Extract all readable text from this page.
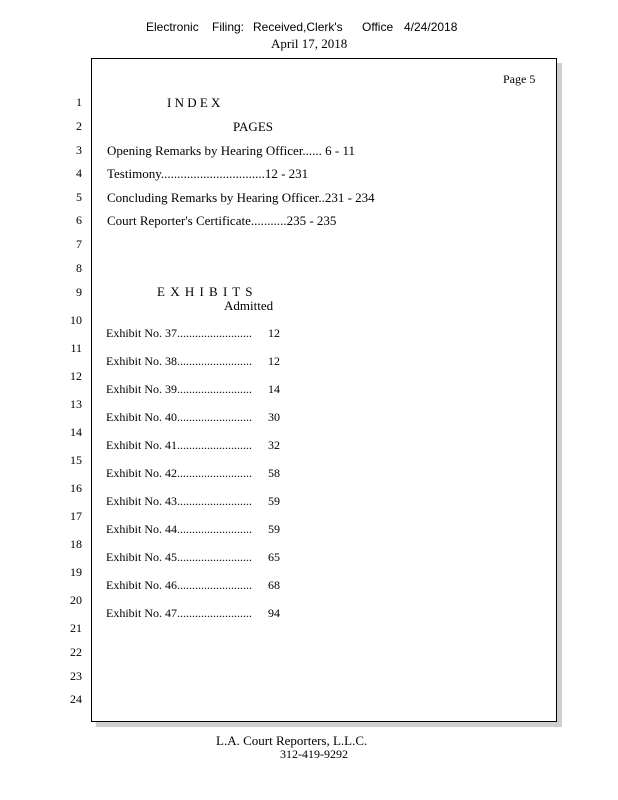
Electronic Filing: Received,Clerk's Office 4/24/2018
April 17, 2018
1
2
3
4
5
6
7
8
9
10
11
12
13
14
15
16
17
18
19
20
21
22
23
24
Page 5
I N D E X
PAGES
Opening Remarks by Hearing Officer...... 6 - 11
Testimony................................12 - 231
Concluding Remarks by Hearing Officer..231 - 234
Court Reporter's Certificate...........235 - 235
E X H I B I T S
Admitted
Exhibit No. 37......................... 12
Exhibit No. 38......................... 12
Exhibit No. 39......................... 14
Exhibit No. 40......................... 30
Exhibit No. 41......................... 32
Exhibit No. 42......................... 58
Exhibit No. 43......................... 59
Exhibit No. 44......................... 59
Exhibit No. 45......................... 65
Exhibit No. 46......................... 68
Exhibit No. 47......................... 94
L.A. Court Reporters, L.L.C.
312-419-9292
